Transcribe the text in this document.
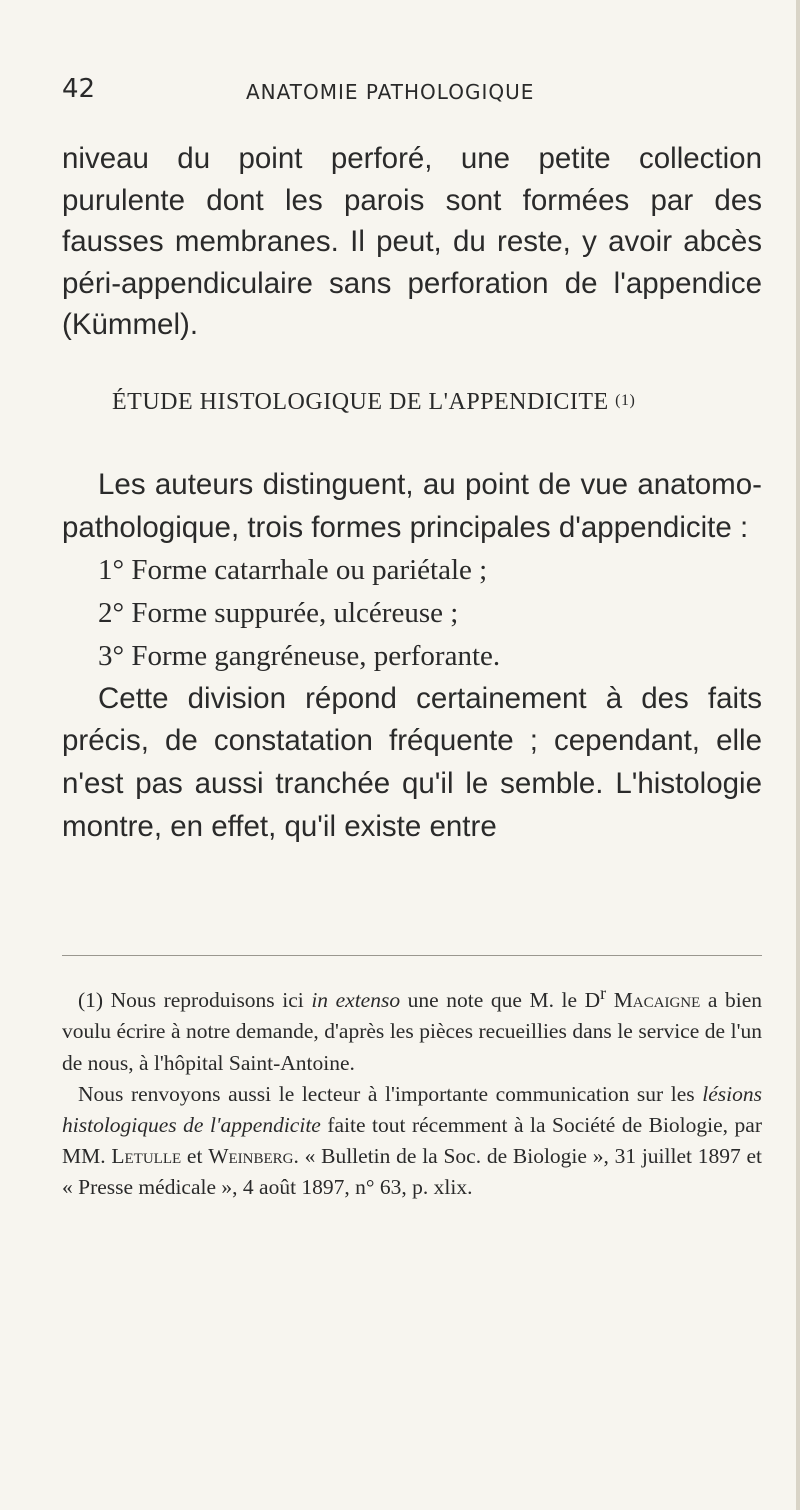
42	ANATOMIE PATHOLOGIQUE

niveau du point perforé, une petite collection purulente dont les parois sont formées par des fausses membranes. Il peut, du reste, y avoir abcès péri-appendiculaire sans perforation de l'appendice (Kümmel).

ÉTUDE HISTOLOGIQUE DE L'APPENDICITE (1)

Les auteurs distinguent, au point de vue anatomo-pathologique, trois formes principales d'appendicite :

1° Forme catarrhale ou pariétale ;

2° Forme suppurée, ulcéreuse ;

3° Forme gangréneuse, perforante.

Cette division répond certainement à des faits précis, de constatation fréquente ; cependant, elle n'est pas aussi tranchée qu'il le semble. L'histologie montre, en effet, qu'il existe entre

(1) Nous reproduisons ici in extenso une note que M. le $D^r$ Macaigne a bien voulu écrire à notre demande, d'après les pièces recueillies dans le service de l'un de nous, à l'hôpital Saint-Antoine.

Nous renvoyons aussi le lecteur à l'importante communication sur les lésions histologiques de l'appendicite faite tout récemment à la Société de Biologie, par MM. Letulle et Weinberg. « Bulletin de la Soc. de Biologie », 31 juillet 1897 et « Presse médicale », 4 août 1897, n° 63, p. xlix.
